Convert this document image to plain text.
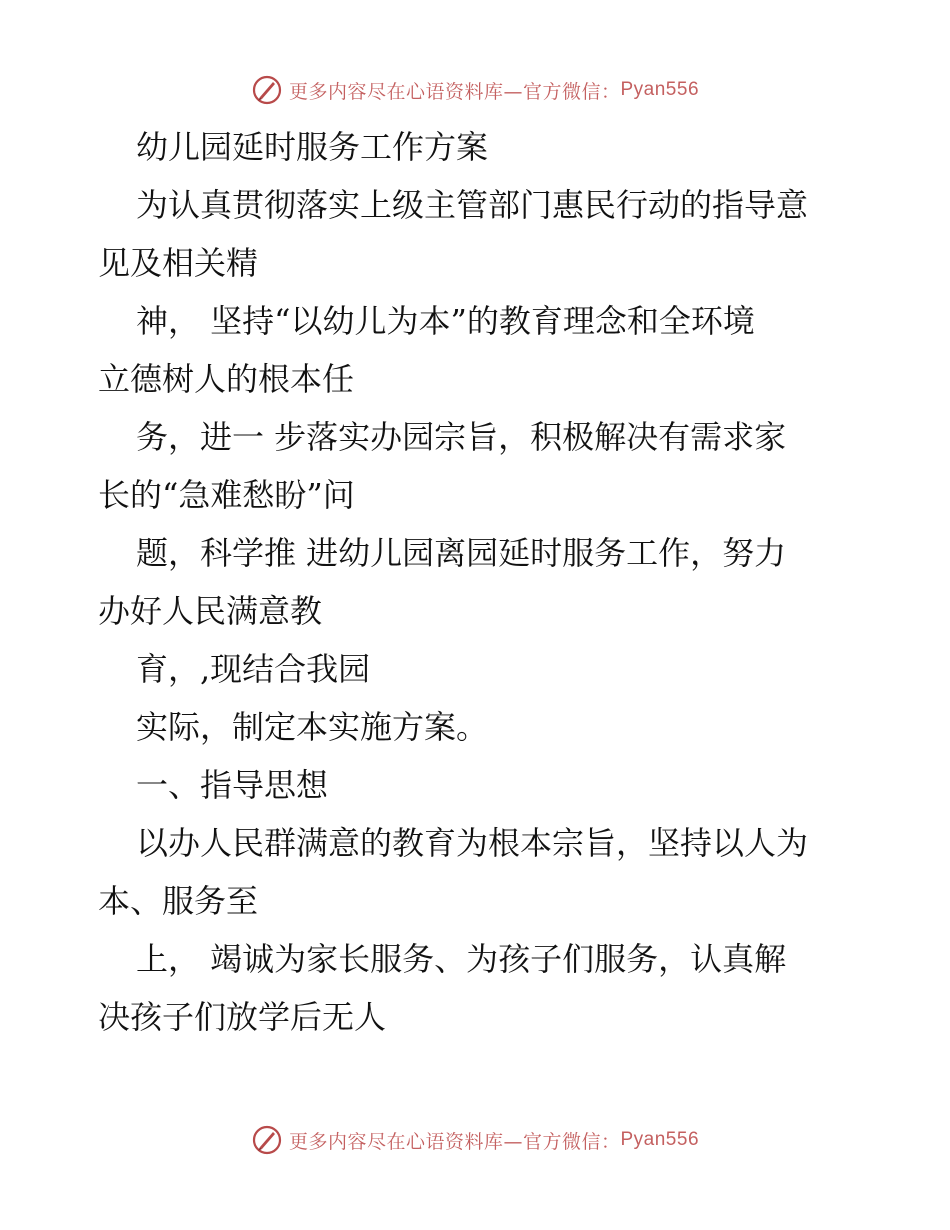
更多内容尽在心语资料库—官方微信： Pyan556

幼儿园延时服务工作方案

为认真贯彻落实上级主管部门惠民行动的指导意

见及相关精

神， 坚持“以幼儿为本”的教育理念和全环境

立德树人的根本任

务，进一 步落实办园宗旨，积极解决有需求家

长的“急难愁盼”问

题，科学推 进幼儿园离园延时服务工作，努力

办好人民满意教

育，,现结合我园

实际，制定本实施方案。

一、指导思想

以办人民群满意的教育为根本宗旨，坚持以人为

本、服务至

上， 竭诚为家长服务、为孩子们服务，认真解

决孩子们放学后无人

更多内容尽在心语资料库—官方微信： Pyan556
